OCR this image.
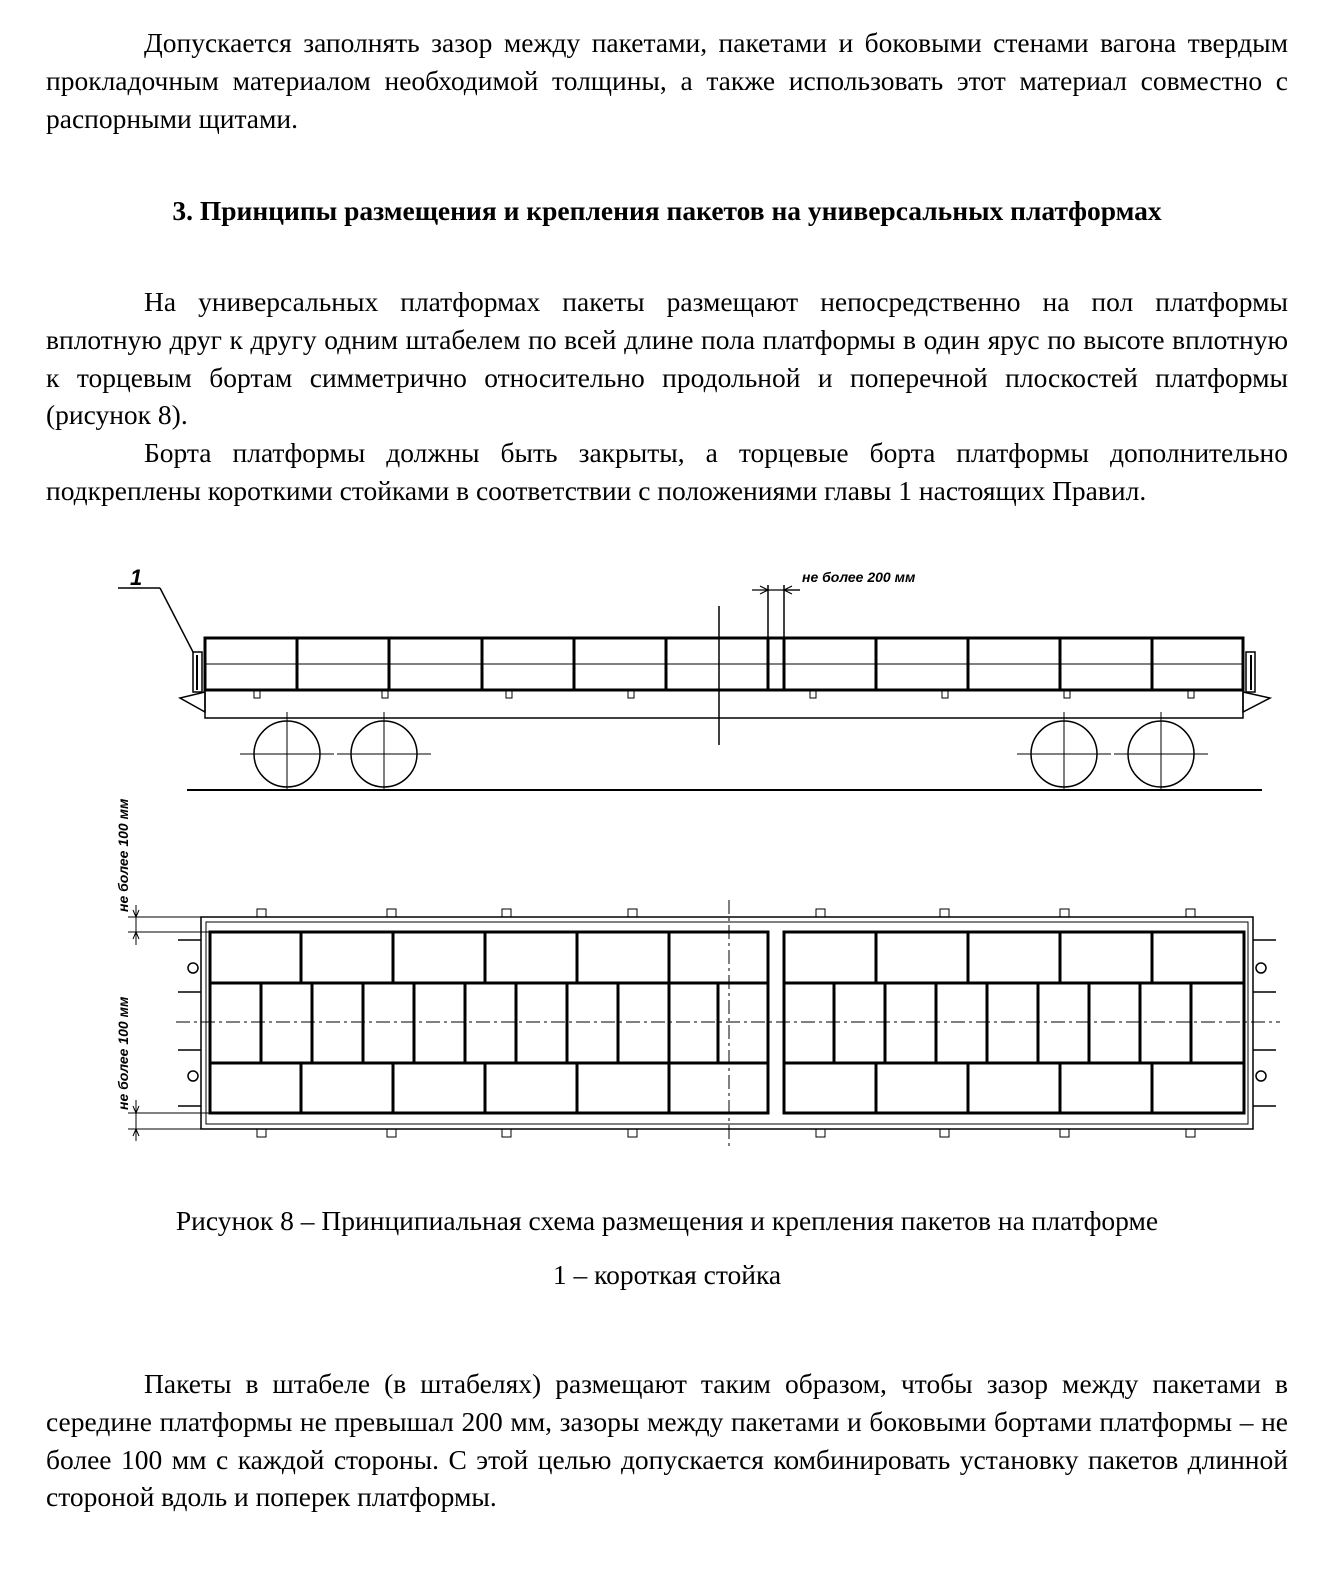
Допускается заполнять зазор между пакетами, пакетами и боковыми стенами вагона твердым прокладочным материалом необходимой толщины, а также использовать этот материал совместно с распорными щитами.

3. Принципы размещения и крепления пакетов на универсальных платформах

На универсальных платформах пакеты размещают непосредственно на пол платформы вплотную друг к другу одним штабелем по всей длине пола платформы в один ярус по высоте вплотную к торцевым бортам симметрично относительно продольной и поперечной плоскостей платформы (рисунок 8).

Борта платформы должны быть закрыты, а торцевые борта платформы дополнительно подкреплены короткими стойками в соответствии с положениями главы 1 настоящих Правил.

1	не более 200 мм
не более 100 мм
не более 100 мм

Рисунок 8 – Принципиальная схема размещения и крепления пакетов на платформе

1 – короткая стойка

Пакеты в штабеле (в штабелях) размещают таким образом, чтобы зазор между пакетами в середине платформы не превышал 200 мм, зазоры между пакетами и боковыми бортами платформы – не более 100 мм с каждой стороны. С этой целью допускается комбинировать установку пакетов длинной стороной вдоль и поперек платформы.
